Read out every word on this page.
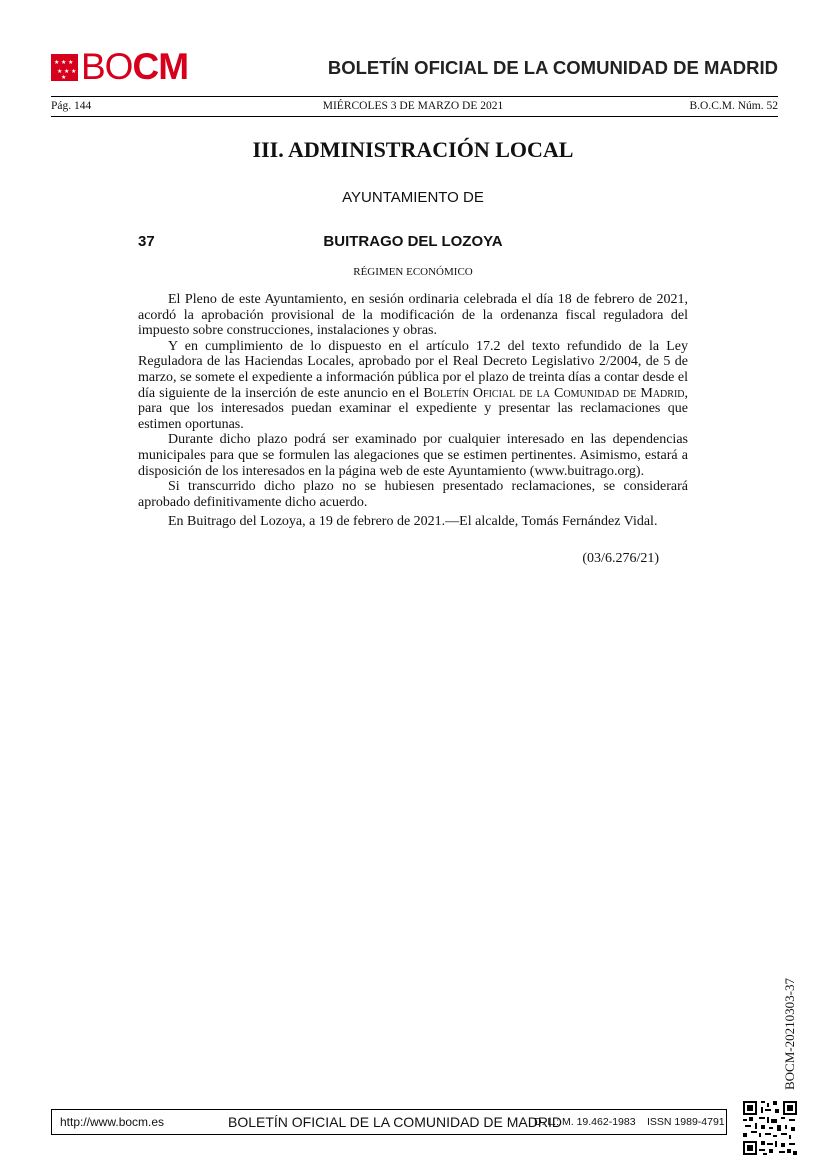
★ ★ ★
★ ★ ★
★ BOCM	BOLETÍN OFICIAL DE LA COMUNIDAD DE MADRID
Pág. 144	MIÉRCOLES 3 DE MARZO DE 2021	B.O.C.M. Núm. 52
III. ADMINISTRACIÓN LOCAL
AYUNTAMIENTO DE
37	BUITRAGO DEL LOZOYA
RÉGIMEN ECONÓMICO

El Pleno de este Ayuntamiento, en sesión ordinaria celebrada el día 18 de febrero de 2021, acordó la aprobación provisional de la modificación de la ordenanza fiscal reguladora del impuesto sobre construcciones, instalaciones y obras.

Y en cumplimiento de lo dispuesto en el artículo 17.2 del texto refundido de la Ley Reguladora de las Haciendas Locales, aprobado por el Real Decreto Legislativo 2/2004, de 5 de marzo, se somete el expediente a información pública por el plazo de treinta días a contar desde el día siguiente de la inserción de este anuncio en el Boletín Oficial de la Comunidad de Madrid, para que los interesados puedan examinar el expediente y presentar las reclamaciones que estimen oportunas.

Durante dicho plazo podrá ser examinado por cualquier interesado en las dependencias municipales para que se formulen las alegaciones que se estimen pertinentes. Asimismo, estará a disposición de los interesados en la página web de este Ayuntamiento (www.buitrago.org).

Si transcurrido dicho plazo no se hubiesen presentado reclamaciones, se considerará aprobado definitivamente dicho acuerdo.

En Buitrago del Lozoya, a 19 de febrero de 2021.—El alcalde, Tomás Fernández Vidal.

(03/6.276/21)
BOCM-20210303-37
http://www.bocm.es	BOLETÍN OFICIAL DE LA COMUNIDAD DE MADRID
D. L.: M. 19.462-1983 ISSN 1989-4791
